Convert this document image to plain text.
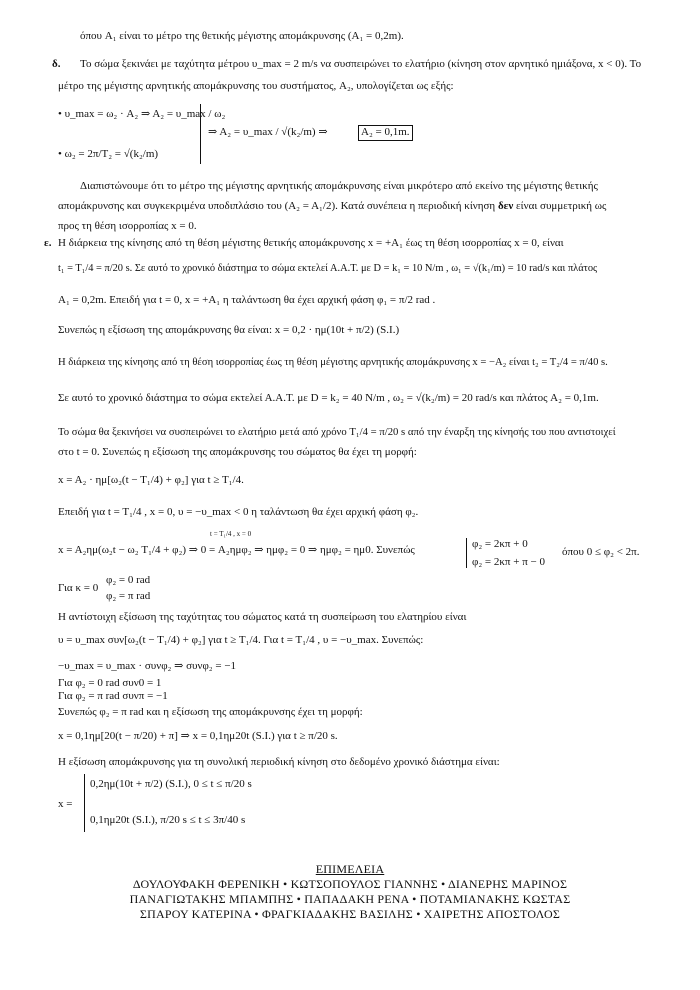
όπου A₁ είναι το μέτρο της θετικής μέγιστης απομάκρυνσης (A₁ = 0,2m).
δ. Το σώμα ξεκινάει με ταχύτητα μέτρου υ_max = 2 m/s να συσπειρώνει το ελατήριο (κίνηση στον αρνητικό ημιάξονα, x < 0). Το
μέτρο της μέγιστης αρνητικής απομάκρυνσης του συστήματος, A₂, υπολογίζεται ως εξής:
• υ_max = ω₂ · A₂ ⇒ A₂ = υ_max / ω₂
⇒ A₂ = υ_max / √(k₂/m) ⇒	A₂ = 0,1m.
• ω₂ = 2π/T₂ = √(k₂/m)
Διαπιστώνουμε ότι το μέτρο της μέγιστης αρνητικής απομάκρυνσης είναι μικρότερο από εκείνο της μέγιστης θετικής
απομάκρυνσης και συγκεκριμένα υποδιπλάσιο του (A₂ = A₁/2). Κατά συνέπεια η περιοδική κίνηση δεν είναι συμμετρική ως
προς τη θέση ισορροπίας x = 0.
ε. Η διάρκεια της κίνησης από τη θέση μέγιστης θετικής απομάκρυνσης x = +A₁ έως τη θέση ισορροπίας x = 0, είναι
t₁ = T₁/4 = π/20 s. Σε αυτό το χρονικό διάστημα το σώμα εκτελεί Α.Α.Τ. με D = k₁ = 10 N/m , ω₁ = √(k₁/m) = 10 rad/s και πλάτος
A₁ = 0,2m. Επειδή για t = 0, x = +A₁ η ταλάντωση θα έχει αρχική φάση φ₁ = π/2 rad .
Συνεπώς η εξίσωση της απομάκρυνσης θα είναι: x = 0,2 · ημ(10t + π/2) (S.I.)
Η διάρκεια της κίνησης από τη θέση ισορροπίας έως τη θέση μέγιστης αρνητικής απομάκρυνσης x = −A₂ είναι t₂ = T₂/4 = π/40 s.
Σε αυτό το χρονικό διάστημα το σώμα εκτελεί Α.Α.Τ. με D = k₂ = 40 N/m , ω₂ = √(k₂/m) = 20 rad/s και πλάτος A₂ = 0,1m.
Το σώμα θα ξεκινήσει να συσπειρώνει το ελατήριο μετά από χρόνο T₁/4 = π/20 s από την έναρξη της κίνησής του που αντιστοιχεί
στο t = 0. Συνεπώς η εξίσωση της απομάκρυνσης του σώματος θα έχει τη μορφή:
x = A₂ · ημ[ω₂(t − T₁/4) + φ₂] για t ≥ T₁/4.
Επειδή για t = T₁/4 , x = 0, υ = −υ_max < 0 η ταλάντωση θα έχει αρχική φάση φ₂.
x = A₂ημ(ω₂t − ω₂ T₁/4 + φ₂) ⇒ 0 = A₂ημφ₂ ⇒ ημφ₂ = 0 ⇒ ημφ₂ = ημ0. Συνεπώς
t = T₁/4 , x = 0
φ₂ = 2κπ + 0
φ₂ = 2κπ + π − 0
όπου 0 ≤ φ₂ < 2π.
Για κ = 0
φ₂ = 0 rad
φ₂ = π rad
Η αντίστοιχη εξίσωση της ταχύτητας του σώματος κατά τη συσπείρωση του ελατηρίου είναι
υ = υ_max συν[ω₂(t − T₁/4) + φ₂] για t ≥ T₁/4. Για t = T₁/4 , υ = −υ_max. Συνεπώς:
−υ_max = υ_max · συνφ₂ ⇒ συνφ₂ = −1
Για φ₂ = 0 rad συν0 = 1
Για φ₂ = π rad συνπ = −1
Συνεπώς φ₂ = π rad και η εξίσωση της απομάκρυνσης έχει τη μορφή:
x = 0,1ημ[20(t − π/20) + π] ⇒ x = 0,1ημ20t (S.I.) για t ≥ π/20 s.
Η εξίσωση απομάκρυνσης για τη συνολική περιοδική κίνηση στο δεδομένο χρονικό διάστημα είναι:
x =
0,2ημ(10t + π/2) (S.I.), 0 ≤ t ≤ π/20 s
0,1ημ20t (S.I.), π/20 s ≤ t ≤ 3π/40 s
ΕΠΙΜΕΛΕΙΑ
ΔΟΥΛΟΥΦΑΚΗ ΦΕΡΕΝΙΚΗ • ΚΩΤΣΟΠΟΥΛΟΣ ΓΙΑΝΝΗΣ • ΔΙΑΝΕΡΗΣ ΜΑΡΙΝΟΣ
ΠΑΝΑΓΙΩΤΑΚΗΣ ΜΠΑΜΠΗΣ • ΠΑΠΑΔΑΚΗ ΡΕΝΑ • ΠΟΤΑΜΙΑΝΑΚΗΣ ΚΩΣΤΑΣ
ΣΠΑΡΟΥ ΚΑΤΕΡΙΝΑ • ΦΡΑΓΚΙΑΔΑΚΗΣ ΒΑΣΙΛΗΣ • ΧΑΙΡΕΤΗΣ ΑΠΟΣΤΟΛΟΣ
